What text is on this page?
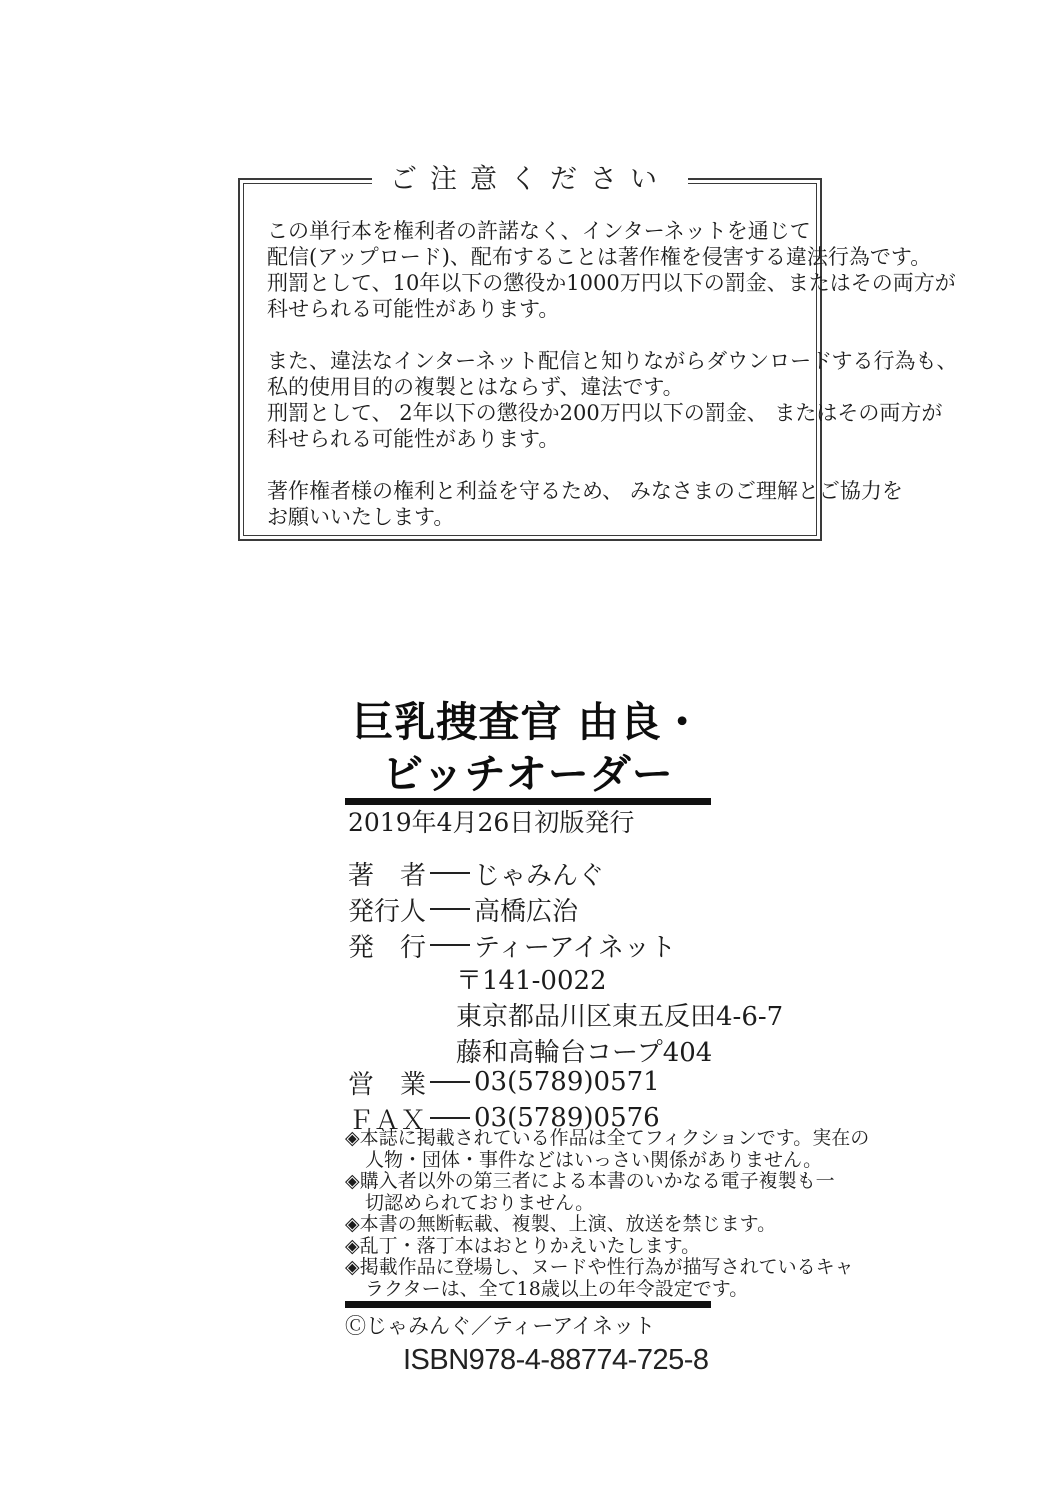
ご注意ください
この単行本を権利者の許諾なく、インターネットを通じて
配信(アップロード)、配布することは著作権を侵害する違法行為です。
刑罰として、10年以下の懲役か1000万円以下の罰金、またはその両方が
科せられる可能性があります。
また、違法なインターネット配信と知りながらダウンロードする行為も、
私的使用目的の複製とはならず、違法です。
刑罰として、 2年以下の懲役か200万円以下の罰金、 またはその両方が
科せられる可能性があります。
著作権者様の権利と利益を守るため、 みなさまのご理解とご協力を
お願いいたします。
巨乳捜査官 由良・
ビッチオーダー
2019年4月26日初版発行
著　者 じゃみんぐ
発行人 高橋広治
発　行 ティーアイネット
〒141-0022
東京都品川区東五反田4-6-7
藤和高輪台コープ404
営　業 03(5789)0571
ＦＡＸ 03(5789)0576
◈本誌に掲載されている作品は全てフィクションです。実在の
人物・団体・事件などはいっさい関係がありません。
◈購入者以外の第三者による本書のいかなる電子複製も一
切認められておりません。
◈本書の無断転載、複製、上演、放送を禁じます。
◈乱丁・落丁本はおとりかえいたします。
◈掲載作品に登場し、ヌードや性行為が描写されているキャ
ラクターは、全て18歳以上の年令設定です。
Ⓒじゃみんぐ／ティーアイネット
ISBN978-4-88774-725-8
